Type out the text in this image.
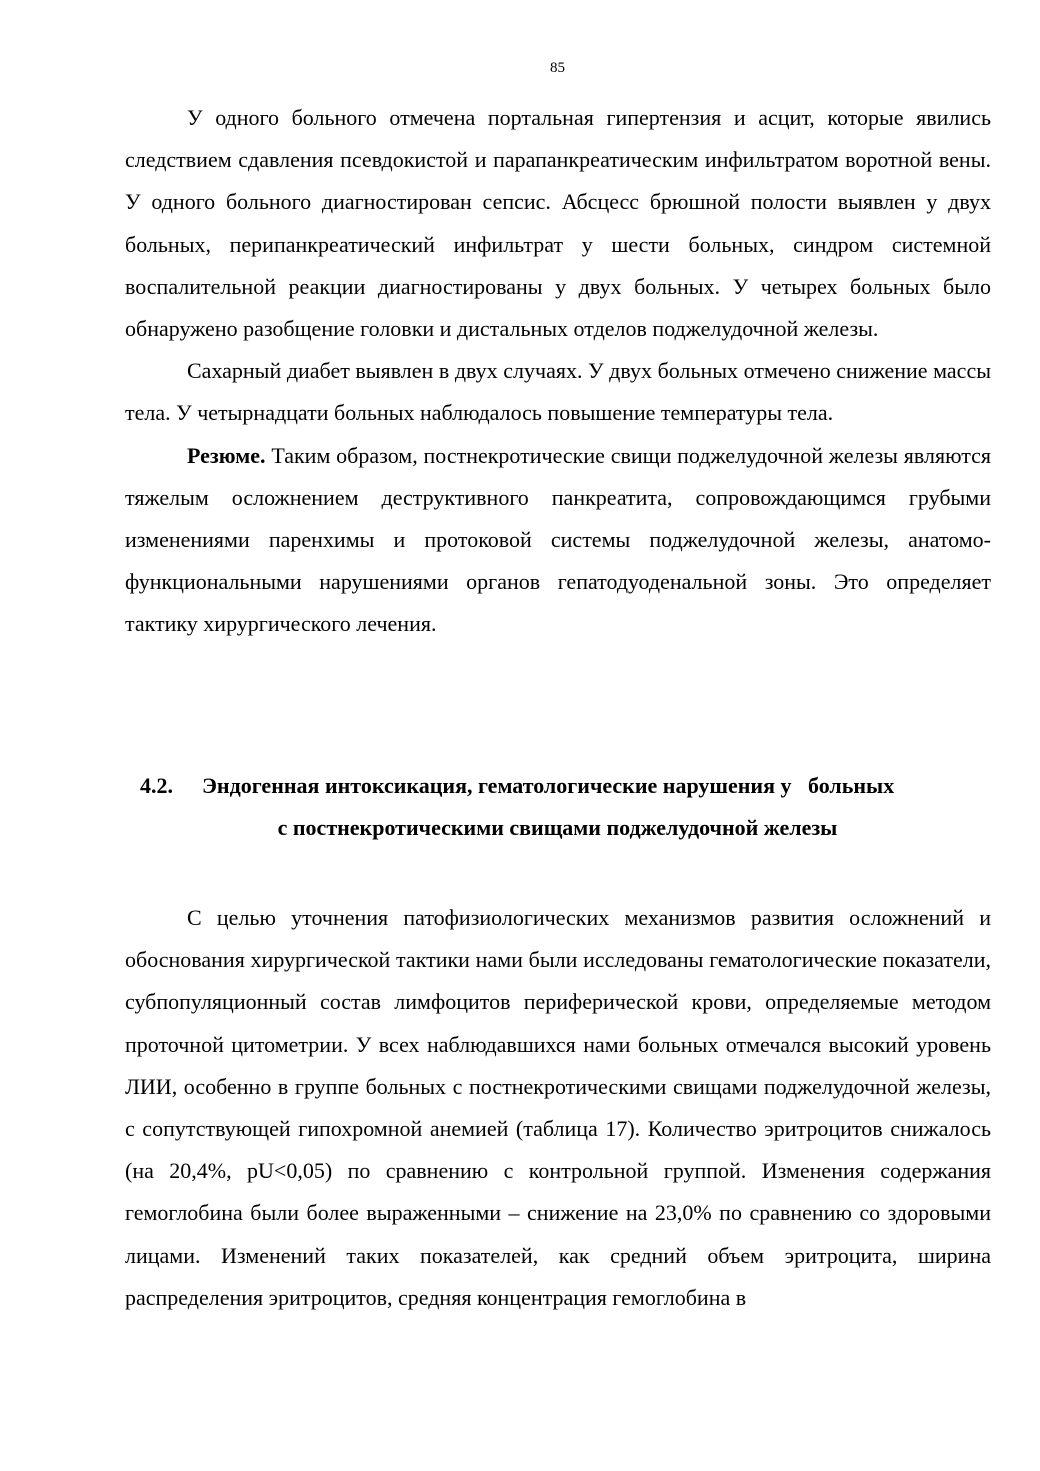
85

У одного больного отмечена портальная гипертензия и асцит, которые явились следствием сдавления псевдокистой и парапанкреатическим инфильтратом воротной вены. У одного больного диагностирован сепсис. Абсцесс брюшной полости выявлен у двух больных, перипанкреатический инфильтрат у шести больных, синдром системной воспалительной реакции диагностированы у двух больных. У четырех больных было обнаружено разобщение головки и дистальных отделов поджелудочной железы.

Сахарный диабет выявлен в двух случаях. У двух больных отмечено снижение массы тела. У четырнадцати больных наблюдалось повышение температуры тела.

Резюме. Таким образом, постнекротические свищи поджелудочной железы являются тяжелым осложнением деструктивного панкреатита, сопровождающимся грубыми изменениями паренхимы и протоковой системы поджелудочной железы, анатомо-функциональными нарушениями органов гепатодуоденальной зоны. Это определяет тактику хирургического лечения.

4.2. Эндогенная интоксикация, гематологические нарушения у   больных
с постнекротическими свищами поджелудочной железы

С целью уточнения патофизиологических механизмов развития осложнений и обоснования хирургической тактики нами были исследованы гематологические показатели, субпопуляционный состав лимфоцитов периферической крови, определяемые методом проточной цитометрии. У всех наблюдавшихся нами больных отмечался высокий уровень ЛИИ, особенно в группе больных с постнекротическими свищами поджелудочной железы, с сопутствующей гипохромной анемией (таблица 17). Количество эритроцитов снижалось (на 20,4%, pU<0,05) по сравнению с контрольной группой. Изменения содержания гемоглобина были более выраженными – снижение на 23,0% по сравнению со здоровыми лицами. Изменений таких показателей, как средний объем эритроцита, ширина распределения эритроцитов, средняя концентрация гемоглобина в
